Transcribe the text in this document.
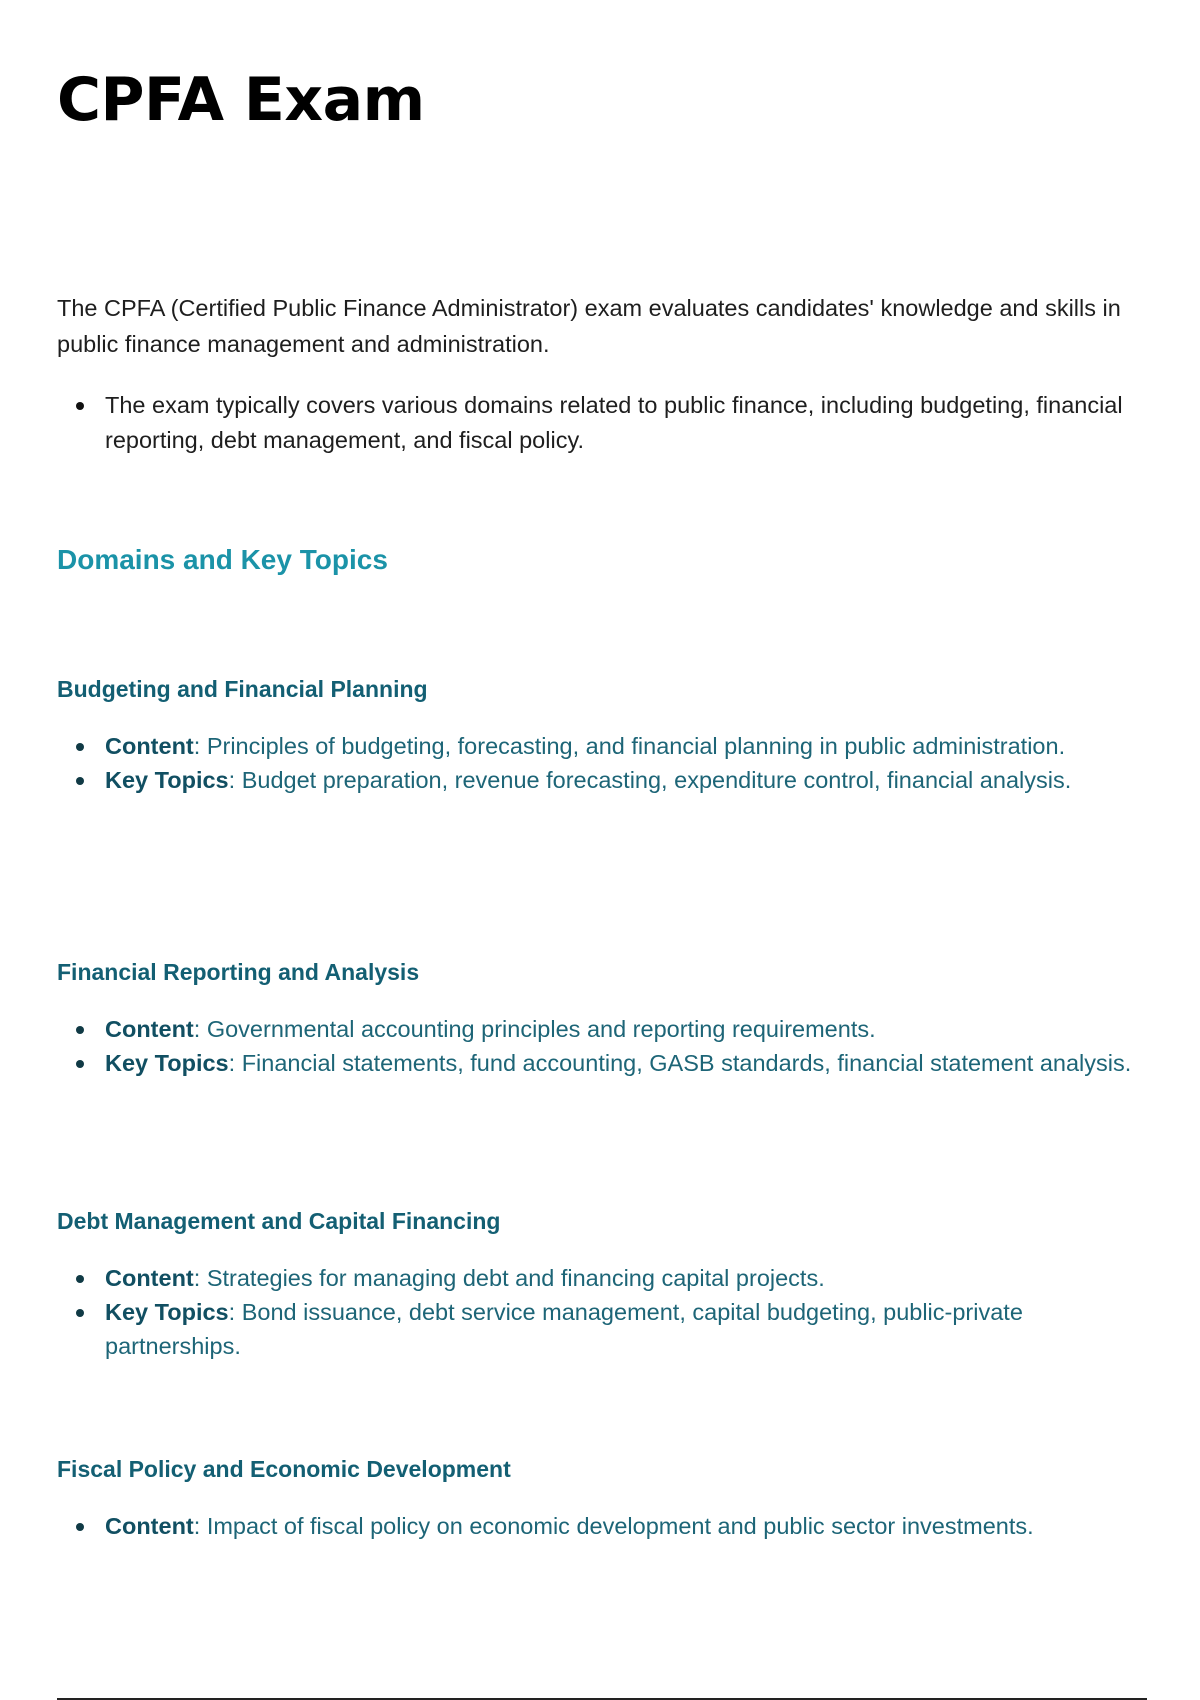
CPFA Exam

The CPFA (Certified Public Finance Administrator) exam evaluates candidates' knowledge and skills in public finance management and administration.

The exam typically covers various domains related to public finance, including budgeting, financial reporting, debt management, and fiscal policy.
Domains and Key Topics
Budgeting and Financial Planning
Content: Principles of budgeting, forecasting, and financial planning in public administration.
Key Topics: Budget preparation, revenue forecasting, expenditure control, financial analysis.
Financial Reporting and Analysis
Content: Governmental accounting principles and reporting requirements.
Key Topics: Financial statements, fund accounting, GASB standards, financial statement analysis.
Debt Management and Capital Financing
Content: Strategies for managing debt and financing capital projects.
Key Topics: Bond issuance, debt service management, capital budgeting, public-private partnerships.
Fiscal Policy and Economic Development
Content: Impact of fiscal policy on economic development and public sector investments.
